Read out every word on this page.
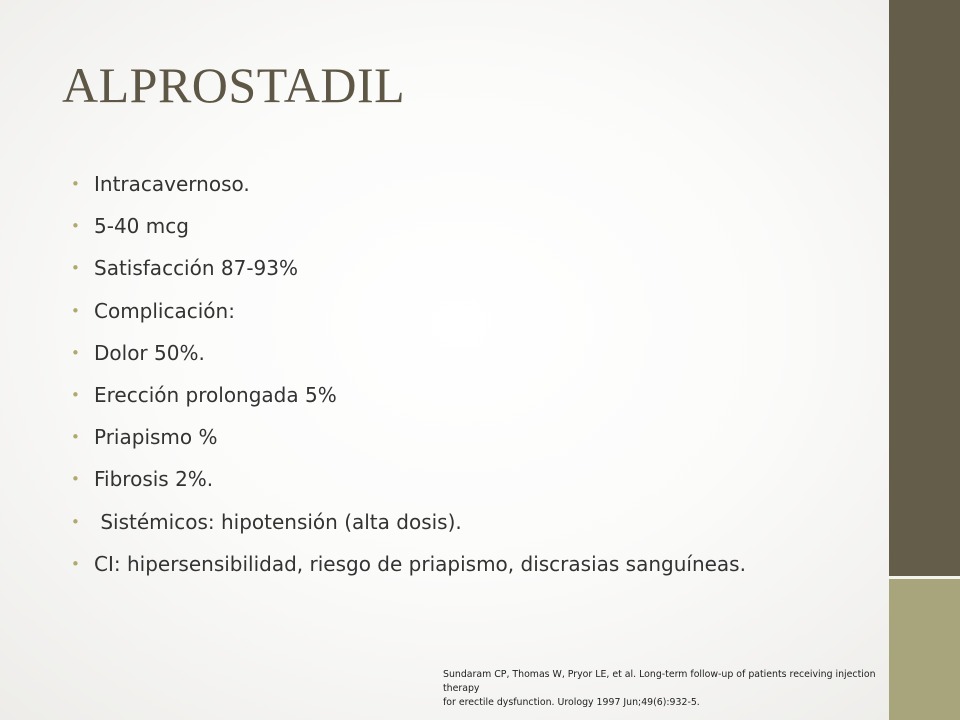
ALPROSTADIL
• Intracavernoso.
• 5-40 mcg
• Satisfacción 87-93%
• Complicación:
• Dolor 50%.
• Erección prolongada 5%
• Priapismo %
• Fibrosis 2%.
• Sistémicos: hipotensión (alta dosis).
• CI: hipersensibilidad, riesgo de priapismo, discrasias sanguíneas.
Sundaram CP, Thomas W, Pryor LE, et al. Long-term follow-up of patients receiving injection
therapy
for erectile dysfunction. Urology 1997 Jun;49(6):932-5.
